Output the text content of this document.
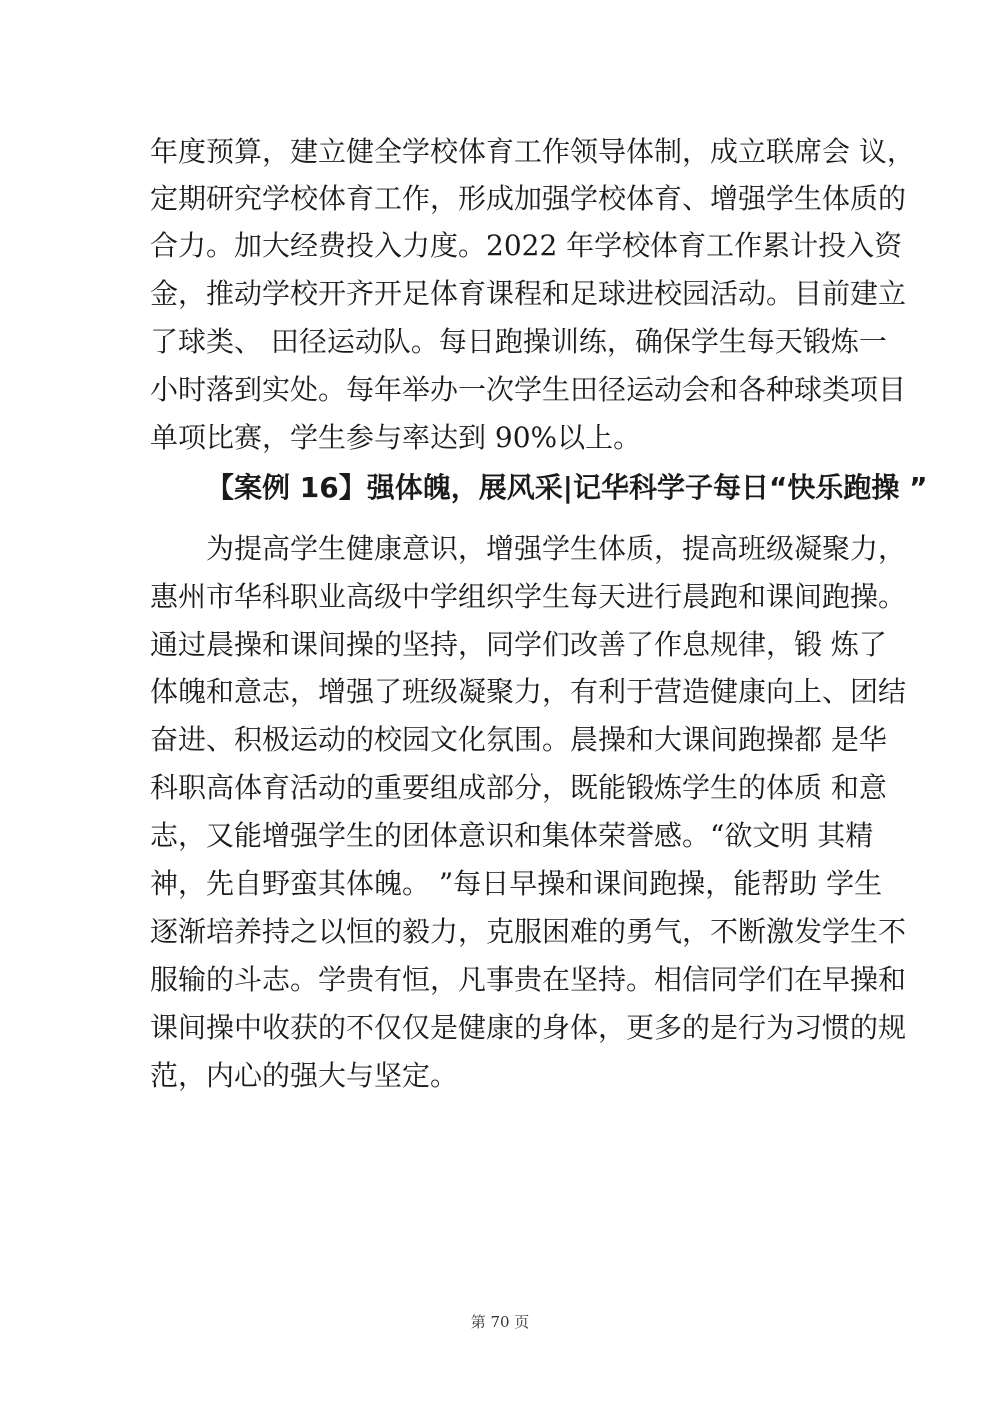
年度预算，建立健全学校体育工作领导体制，成立联席会 议，
定期研究学校体育工作，形成加强学校体育、增强学生体质的
合力。加大经费投入力度。2022 年学校体育工作累计投入资
金，推动学校开齐开足体育课程和足球进校园活动。目前建立
了球类、 田径运动队。每日跑操训练，确保学生每天锻炼一
小时落到实处。每年举办一次学生田径运动会和各种球类项目
单项比赛，学生参与率达到 90%以上。
【案例 16】强体魄，展风采|记华科学子每日“快乐跑操 ”
为提高学生健康意识，增强学生体质，提高班级凝聚力，
惠州市华科职业高级中学组织学生每天进行晨跑和课间跑操。
通过晨操和课间操的坚持，同学们改善了作息规律，锻 炼了
体魄和意志，增强了班级凝聚力，有利于营造健康向上、团结
奋进、积极运动的校园文化氛围。晨操和大课间跑操都 是华
科职高体育活动的重要组成部分，既能锻炼学生的体质 和意
志，又能增强学生的团体意识和集体荣誉感。“欲文明 其精
神，先自野蛮其体魄。 ”每日早操和课间跑操，能帮助 学生
逐渐培养持之以恒的毅力，克服困难的勇气，不断激发学生不
服输的斗志。学贵有恒，凡事贵在坚持。相信同学们在早操和
课间操中收获的不仅仅是健康的身体，更多的是行为习惯的规
范，内心的强大与坚定。
第 70 页
